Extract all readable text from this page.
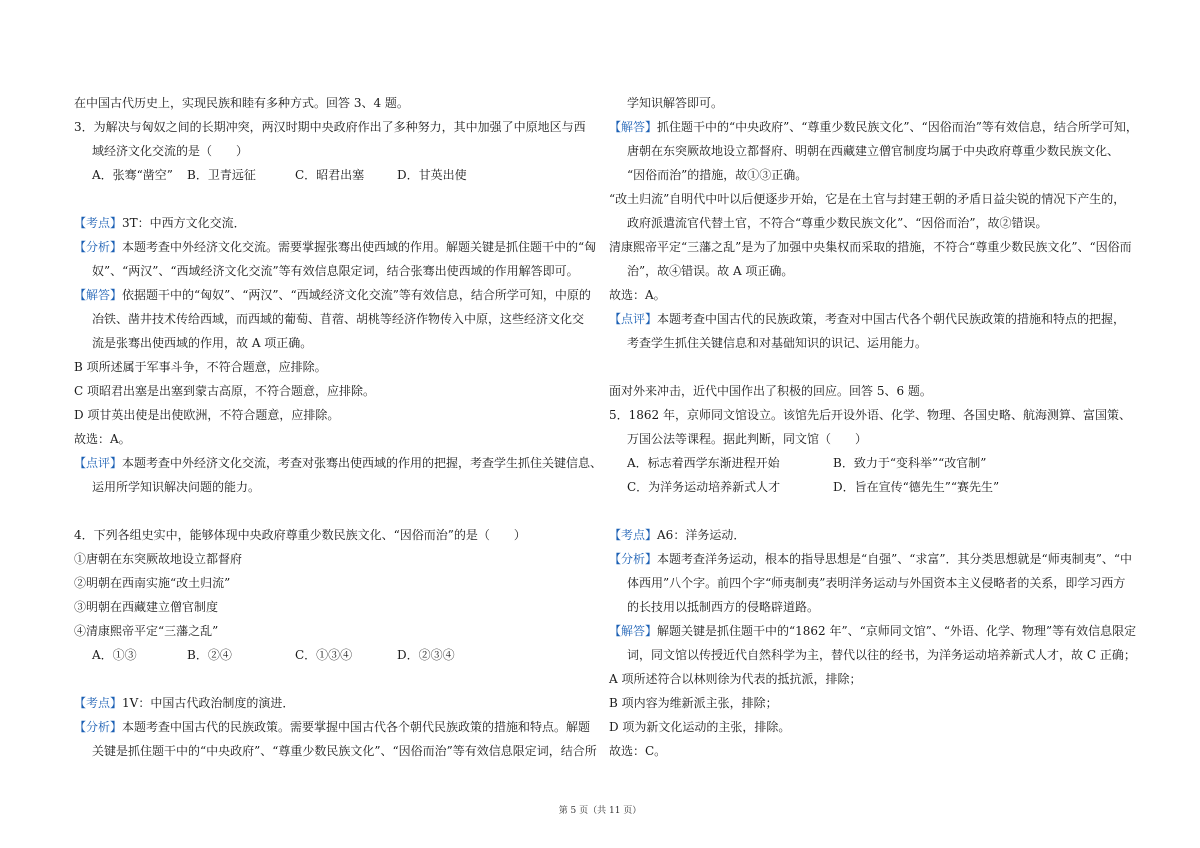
在中国古代历史上，实现民族和睦有多种方式。回答 3、4 题。
3．为解决与匈奴之间的长期冲突，两汉时期中央政府作出了多种努力，其中加强了中原地区与西
域经济文化交流的是（　　）
A．张骞“凿空” B．卫青远征	C．昭君出塞	D．甘英出使
【考点】3T：中西方文化交流．
【分析】本题考查中外经济文化交流。需要掌握张骞出使西域的作用。解题关键是抓住题干中的“匈
奴”、“两汉”、“西域经济文化交流”等有效信息限定词，结合张骞出使西域的作用解答即可。
【解答】依据题干中的“匈奴”、“两汉”、“西域经济文化交流”等有效信息，结合所学可知，中原的
冶铁、凿井技术传给西域，而西域的葡萄、苜蓿、胡桃等经济作物传入中原，这些经济文化交
流是张骞出使西域的作用，故 A 项正确。
B 项所述属于军事斗争，不符合题意，应排除。
C 项昭君出塞是出塞到蒙古高原，不符合题意，应排除。
D 项甘英出使是出使欧洲，不符合题意，应排除。
故选：A。
【点评】本题考查中外经济文化交流，考查对张骞出使西域的作用的把握，考查学生抓住关键信息、
运用所学知识解决问题的能力。
4．下列各组史实中，能够体现中央政府尊重少数民族文化、“因俗而治”的是（　　）
①唐朝在东突厥故地设立都督府
②明朝在西南实施“改土归流”
③明朝在西藏建立僧官制度
④清康熙帝平定“三藩之乱”
A．①③	B．②④	C．①③④	D．②③④
【考点】1V：中国古代政治制度的演进．
【分析】本题考查中国古代的民族政策。需要掌握中国古代各个朝代民族政策的措施和特点。解题
关键是抓住题干中的“中央政府”、“尊重少数民族文化”、“因俗而治”等有效信息限定词，结合所
学知识解答即可。
【解答】抓住题干中的“中央政府”、“尊重少数民族文化”、“因俗而治”等有效信息，结合所学可知，
唐朝在东突厥故地设立都督府、明朝在西藏建立僧官制度均属于中央政府尊重少数民族文化、
“因俗而治”的措施，故①③正确。
“改土归流”自明代中叶以后便逐步开始，它是在土官与封建王朝的矛盾日益尖锐的情况下产生的，
政府派遣流官代替土官，不符合“尊重少数民族文化”、“因俗而治”，故②错误。
清康熙帝平定“三藩之乱”是为了加强中央集权而采取的措施，不符合“尊重少数民族文化”、“因俗而
治”，故④错误。故 A 项正确。
故选：A。
【点评】本题考查中国古代的民族政策，考查对中国古代各个朝代民族政策的措施和特点的把握，
考查学生抓住关键信息和对基础知识的识记、运用能力。
面对外来冲击，近代中国作出了积极的回应。回答 5、6 题。
5．1862 年，京师同文馆设立。该馆先后开设外语、化学、物理、各国史略、航海测算、富国策、
万国公法等课程。据此判断，同文馆（　　）
A．标志着西学东渐进程开始	B．致力于“变科举”“改官制”
C．为洋务运动培养新式人才	D．旨在宣传“德先生”“赛先生”
【考点】A6：洋务运动．
【分析】本题考查洋务运动，根本的指导思想是“自强”、“求富”．其分类思想就是“师夷制夷”、“中
体西用”八个字。前四个字“师夷制夷”表明洋务运动与外国资本主义侵略者的关系，即学习西方
的长技用以抵制西方的侵略辟道路。
【解答】解题关键是抓住题干中的“1862 年”、“京师同文馆”、“外语、化学、物理”等有效信息限定
词，同文馆以传授近代自然科学为主，替代以往的经书，为洋务运动培养新式人才，故 C 正确；
A 项所述符合以林则徐为代表的抵抗派，排除；
B 项内容为维新派主张，排除；
D 项为新文化运动的主张，排除。
故选：C。
第 5 页（共 11 页）
